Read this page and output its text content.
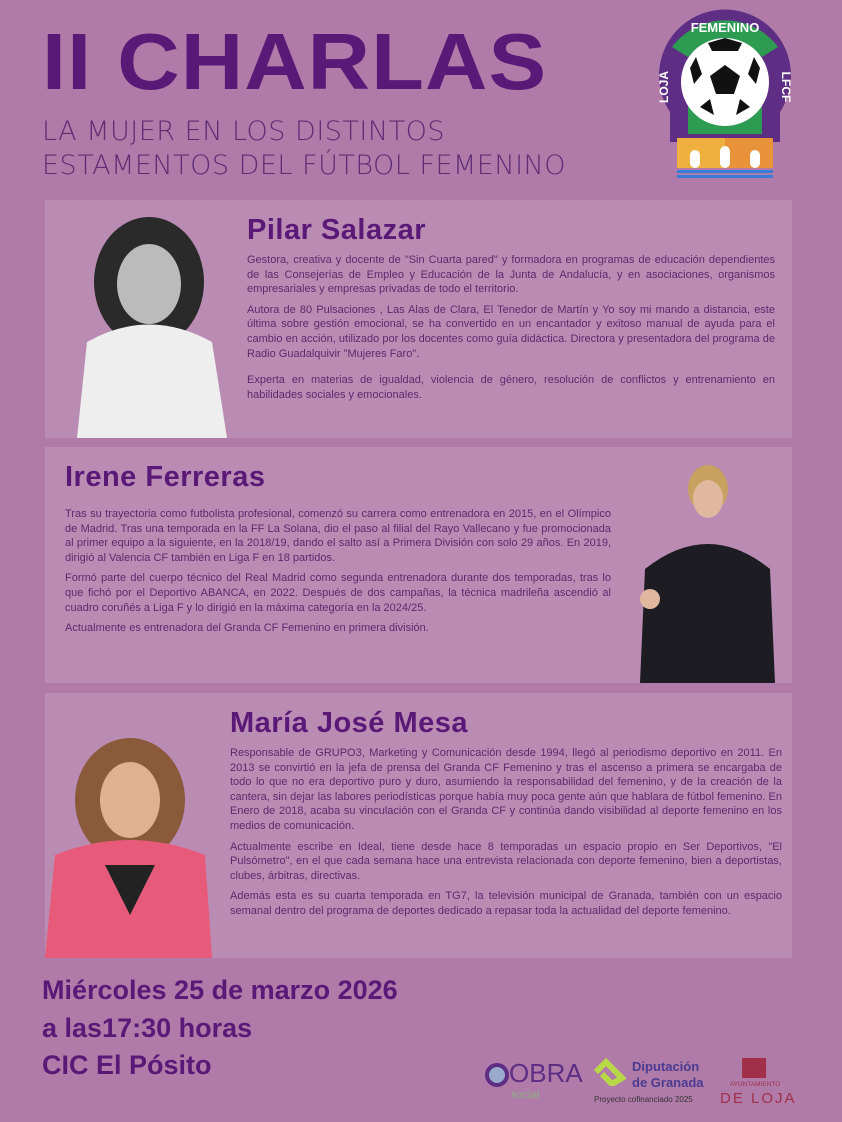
II CHARLAS
LA MUJER EN LOS DISTINTOS
ESTAMENTOS DEL FÚTBOL FEMENINO
FEMENINO
LOJA	LFCF
Pilar Salazar

Gestora, creativa y docente de "Sin Cuarta pared" y formadora en programas de educación dependientes de las Consejerías de Empleo y Educación de la Junta de Andalucía, y en asociaciones, organismos empresariales y empresas privadas de todo el territorio.

Autora de 80 Pulsaciones , Las Alas de Clara, El Tenedor de Martín y Yo soy mi mando a distancia, este última sobre gestión emocional, se ha convertido en un encantador y exitoso manual de ayuda para el cambio en acción, utilizado por los docentes como guía didáctica. Directora y presentadora del programa de Radio Guadalquivir "Mujeres Faro".

Experta en materias de igualdad, violencia de género, resolución de conflictos y entrenamiento en habilidades sociales y emocionales.

Irene Ferreras

Tras su trayectoria como futbolista profesional, comenzó su carrera como entrenadora en 2015, en el Olímpico de Madrid. Tras una temporada en la FF La Solana, dio el paso al filial del Rayo Vallecano y fue promocionada al primer equipo a la siguiente, en la 2018/19, dando el salto así a Primera División con solo 29 años. En 2019, dirigió al Valencia CF también en Liga F en 18 partidos.

Formó parte del cuerpo técnico del Real Madrid como segunda entrenadora durante dos temporadas, tras lo que fichó por el Deportivo ABANCA, en 2022. Después de dos campañas, la técnica madrileña ascendió al cuadro coruñés a Liga F y lo dirigió en la máxima categoría en la 2024/25.

Actualmente es entrenadora del Granda CF Femenino en primera división.

María José Mesa

Responsable de GRUPO3, Marketing y Comunicación desde 1994, llegó al periodismo deportivo en 2011. En 2013 se convirtió en la jefa de prensa del Granda CF Femenino y tras el ascenso a primera se encargaba de todo lo que no era deportivo puro y duro, asumiendo la responsabilidad del femenino, y de la creación de la cantera, sin dejar las labores periodísticas porque había muy poca gente aún que hablara de fútbol femenino. En Enero de 2018, acaba su vinculación con el Granda CF y continúa dando visibilidad al deporte femenino en los medios de comunicación.

Actualmente escribe en Ideal, tiene desde hace 8 temporadas un espacio propio en Ser Deportivos, "El Pulsómetro", en el que cada semana hace una entrevista relacionada con deporte femenino, bien a deportistas, clubes, árbitras, directivas.

Además esta es su cuarta temporada en TG7, la televisión municipal de Granada, también con un espacio semanal dentro del programa de deportes dedicado a repasar toda la actualidad del deporte femenino.

Miércoles 25 de marzo 2026
a las17:30 horas
CIC El Pósito	OBRA
social
Diputación
de Granada
Proyecto cofinanciado 2025
AYUNTAMIENTO
DE LOJA
